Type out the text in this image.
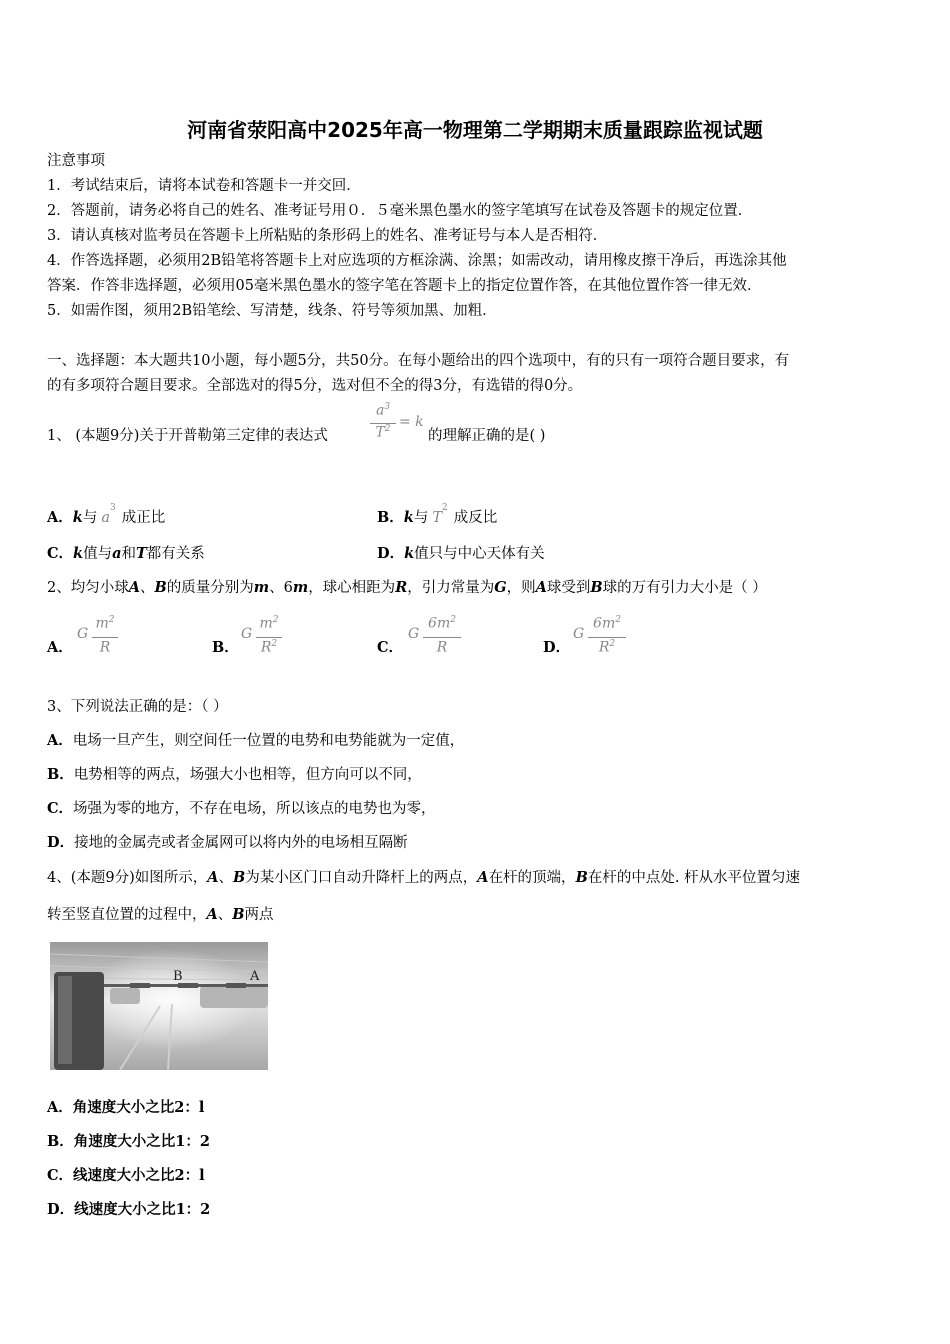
河南省荥阳高中2025年高一物理第二学期期末质量跟踪监视试题
注意事项
1．考试结束后，请将本试卷和答题卡一并交回．
2．答题前，请务必将自己的姓名、准考证号用０．５毫米黑色墨水的签字笔填写在试卷及答题卡的规定位置．
3．请认真核对监考员在答题卡上所粘贴的条形码上的姓名、准考证号与本人是否相符．
4．作答选择题，必须用2B铅笔将答题卡上对应选项的方框涂满、涂黑；如需改动，请用橡皮擦干净后，再选涂其他
答案．作答非选择题，必须用05毫米黑色墨水的签字笔在答题卡上的指定位置作答，在其他位置作答一律无效．
5．如需作图，须用2B铅笔绘、写清楚，线条、符号等须加黑、加粗．
一、选择题：本大题共10小题，每小题5分，共50分。在每小题给出的四个选项中，有的只有一项符合题目要求，有
的有多项符合题目要求。全部选对的得5分，选对但不全的得3分，有选错的得0分。
1、 (本题9分)关于开普勒第三定律的表达式
$a^3$
$T^2 = k$
的理解正确的是( )
A．k与 $a^3$成正比	B．k与 $T^2$成反比
C．k值与a和T都有关系	D．k值只与中心天体有关
2、均匀小球A、B的质量分别为m、6m，球心相距为R，引力常量为G，则A球受到B球的万有引力大小是（ ）
A．
G
$m^2$
R	B．
G
$m^2$
$R^2$	C．
G
$6m^2$
R	D．
G
$6m^2$
$R^2$
3、下列说法正确的是：（ ）
A．电场一旦产生，则空间任一位置的电势和电势能就为一定值，
B．电势相等的两点，场强大小也相等，但方向可以不同，
C．场强为零的地方，不存在电场，所以该点的电势也为零，
D．接地的金属壳或者金属网可以将内外的电场相互隔断
4、(本题9分)如图所示，A、B为某小区门口自动升降杆上的两点，A在杆的顶端，B在杆的中点处. 杆从水平位置匀速
转至竖直位置的过程中，A、B两点
B	A
A．角速度大小之比2：l
B．角速度大小之比1：2
C．线速度大小之比2：l
D．线速度大小之比1：2
